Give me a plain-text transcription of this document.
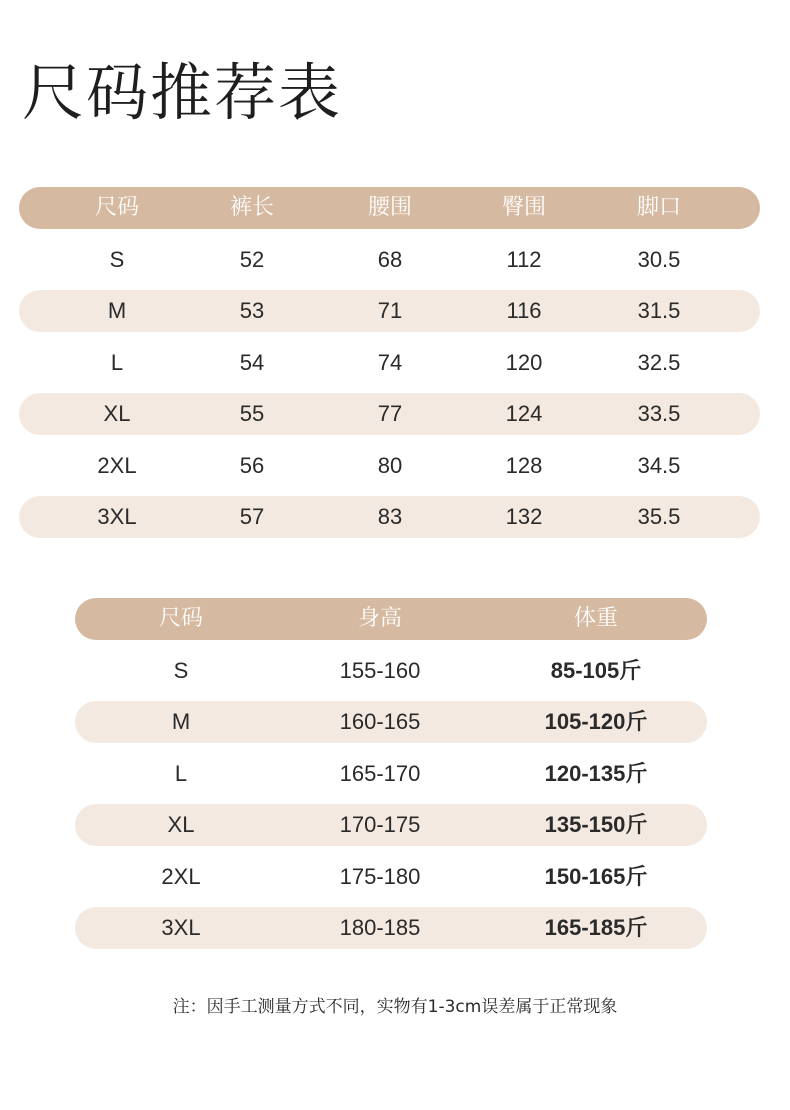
尺码推荐表
尺码	裤长	腰围	臀围	脚口
S	52	68	112	30.5
M	53	71	116	31.5
L	54	74	120	32.5
XL	55	77	124	33.5
2XL	56	80	128	34.5
3XL	57	83	132	35.5
尺码	身高	体重
S	155-160	85-105斤
M	160-165	105-120斤
L	165-170	120-135斤
XL	170-175	135-150斤
2XL	175-180	150-165斤
3XL	180-185	165-185斤
注：因手工测量方式不同，实物有1-3cm误差属于正常现象
